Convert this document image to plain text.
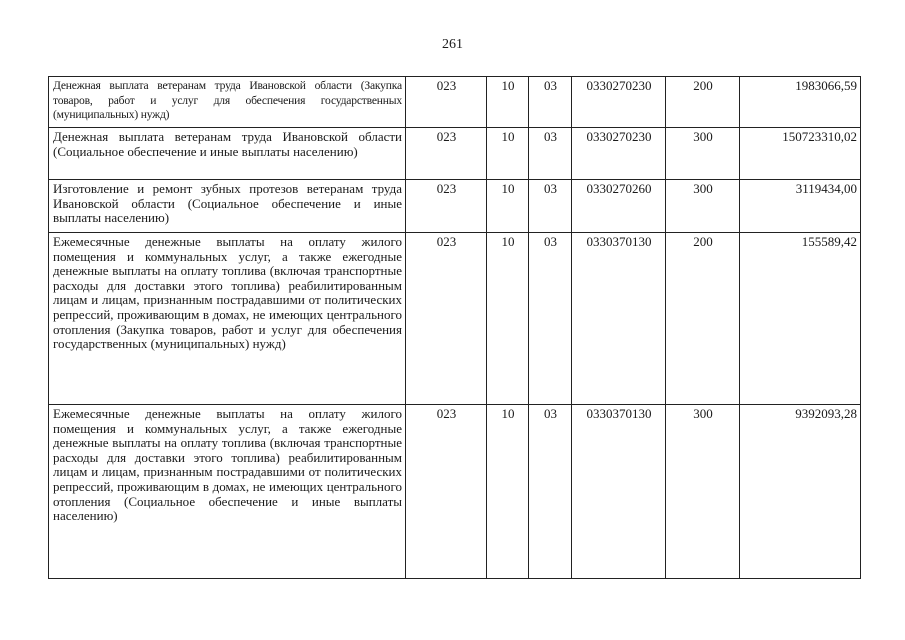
261
Денежная выплата ветеранам труда Ивановской области (Закупка товаров, работ и услуг для обеспечения государственных (муниципальных) нужд)	023	10	03	0330270230	200	1983066,59
Денежная выплата ветеранам труда Ивановской области (Социальное обеспечение и иные выплаты населению)	023	10	03	0330270230	300	150723310,02
Изготовление и ремонт зубных протезов ветеранам труда Ивановской области (Социальное обеспечение и иные выплаты населению)	023	10	03	0330270260	300	3119434,00
Ежемесячные денежные выплаты на оплату жилого помещения и коммунальных услуг, а также ежегодные денежные выплаты на оплату топлива (включая транспортные расходы для доставки этого топлива) реабилитированным лицам и лицам, признанным пострадавшими от политических репрессий, проживающим в домах, не имеющих центрального отопления (Закупка товаров, работ и услуг для обеспечения государственных (муниципальных) нужд)	023	10	03	0330370130	200	155589,42
Ежемесячные денежные выплаты на оплату жилого помещения и коммунальных услуг, а также ежегодные денежные выплаты на оплату топлива (включая транспортные расходы для доставки этого топлива) реабилитированным лицам и лицам, признанным пострадавшими от политических репрессий, проживающим в домах, не имеющих центрального отопления (Социальное обеспечение и иные выплаты населению)	023	10	03	0330370130	300	9392093,28
